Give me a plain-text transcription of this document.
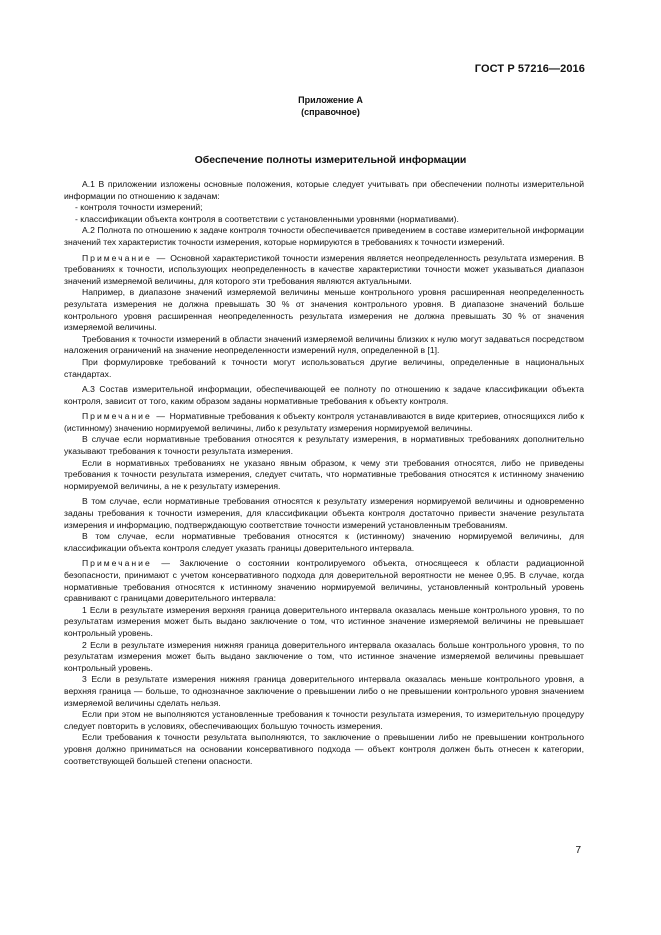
ГОСТ Р 57216—2016
Приложение А
(справочное)
Обеспечение полноты измерительной информации

А.1 В приложении изложены основные положения, которые следует учитывать при обеспечении полноты измерительной информации по отношению к задачам:

- контроля точности измерений;

- классификации объекта контроля в соответствии с установленными уровнями (нормативами).

А.2 Полнота по отношению к задаче контроля точности обеспечивается приведением в составе измерительной информации значений тех характеристик точности измерения, которые нормируются в требованиях к точности измерений.

Примечание — Основной характеристикой точности измерения является неопределенность результата измерения. В требованиях к точности, использующих неопределенность в качестве характеристики точности может указываться диапазон значений измеряемой величины, для которого эти требования являются актуальными.

Например, в диапазоне значений измеряемой величины меньше контрольного уровня расширенная неопределенность результата измерения не должна превышать 30 % от значения контрольного уровня. В диапазоне значений больше контрольного уровня расширенная неопределенность результата измерения не должна превышать 30 % от значения измеряемой величины.

Требования к точности измерений в области значений измеряемой величины близких к нулю могут задаваться посредством наложения ограничений на значение неопределенности измерений нуля, определенной в [1].

При формулировке требований к точности могут использоваться другие величины, определенные в национальных стандартах.

А.3 Состав измерительной информации, обеспечивающей ее полноту по отношению к задаче классификации объекта контроля, зависит от того, каким образом заданы нормативные требования к объекту контроля.

Примечание — Нормативные требования к объекту контроля устанавливаются в виде критериев, относящихся либо к (истинному) значению нормируемой величины, либо к результату измерения нормируемой величины.

В случае если нормативные требования относятся к результату измерения, в нормативных требованиях дополнительно указывают требования к точности результата измерения.

Если в нормативных требованиях не указано явным образом, к чему эти требования относятся, либо не приведены требования к точности результата измерения, следует считать, что нормативные требования относятся к истинному значению нормируемой величины, а не к результату измерения.

В том случае, если нормативные требования относятся к результату измерения нормируемой величины и одновременно заданы требования к точности измерения, для классификации объекта контроля достаточно привести значение результата измерения и информацию, подтверждающую соответствие точности измерений установленным требованиям.

В том случае, если нормативные требования относятся к (истинному) значению нормируемой величины, для классификации объекта контроля следует указать границы доверительного интервала.

Примечание — Заключение о состоянии контролируемого объекта, относящееся к области радиационной безопасности, принимают с учетом консервативного подхода для доверительной вероятности не менее 0,95. В случае, когда нормативные требования относятся к истинному значению нормируемой величины, установленный контрольный уровень сравнивают с границами доверительного интервала:

1 Если в результате измерения верхняя граница доверительного интервала оказалась меньше контрольного уровня, то по результатам измерения может быть выдано заключение о том, что истинное значение измеряемой величины не превышает контрольный уровень.

2 Если в результате измерения нижняя граница доверительного интервала оказалась больше контрольного уровня, то по результатам измерения может быть выдано заключение о том, что истинное значение измеряемой величины превышает контрольный уровень.

3 Если в результате измерения нижняя граница доверительного интервала оказалась меньше контрольного уровня, а верхняя граница — больше, то однозначное заключение о превышении либо о не превышении контрольного уровня значением измеряемой величины сделать нельзя.

Если при этом не выполняются установленные требования к точности результата измерения, то измерительную процедуру следует повторить в условиях, обеспечивающих большую точность измерения.

Если требования к точности результата выполняются, то заключение о превышении либо не превышении контрольного уровня должно приниматься на основании консервативного подхода — объект контроля должен быть отнесен к категории, соответствующей большей степени опасности.

7
